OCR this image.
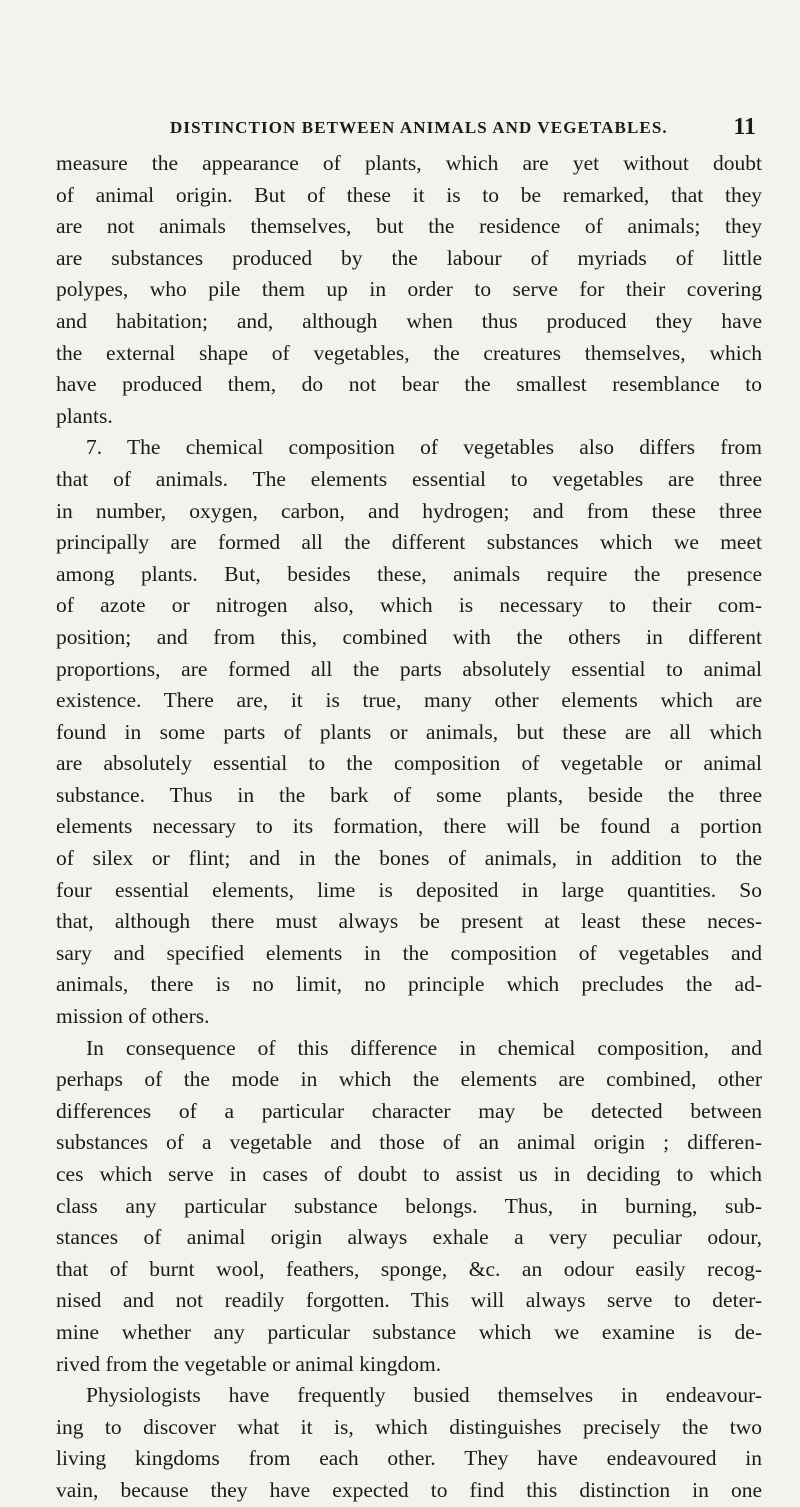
DISTINCTION BETWEEN ANIMALS AND VEGETABLES.	11
measure the appearance of plants, which are yet without doubt
of animal origin. But of these it is to be remarked, that they
are not animals themselves, but the residence of animals; they
are substances produced by the labour of myriads of little
polypes, who pile them up in order to serve for their covering
and habitation; and, although when thus produced they have
the external shape of vegetables, the creatures themselves, which
have produced them, do not bear the smallest resemblance to
plants.
7. The chemical composition of vegetables also differs from
that of animals. The elements essential to vegetables are three
in number, oxygen, carbon, and hydrogen; and from these three
principally are formed all the different substances which we meet
among plants. But, besides these, animals require the presence
of azote or nitrogen also, which is necessary to their com-
position; and from this, combined with the others in different
proportions, are formed all the parts absolutely essential to animal
existence. There are, it is true, many other elements which are
found in some parts of plants or animals, but these are all which
are absolutely essential to the composition of vegetable or animal
substance. Thus in the bark of some plants, beside the three
elements necessary to its formation, there will be found a portion
of silex or flint; and in the bones of animals, in addition to the
four essential elements, lime is deposited in large quantities. So
that, although there must always be present at least these neces-
sary and specified elements in the composition of vegetables and
animals, there is no limit, no principle which precludes the ad-
mission of others.
In consequence of this difference in chemical composition, and
perhaps of the mode in which the elements are combined, other
differences of a particular character may be detected between
substances of a vegetable and those of an animal origin ; differen-
ces which serve in cases of doubt to assist us in deciding to which
class any particular substance belongs. Thus, in burning, sub-
stances of animal origin always exhale a very peculiar odour,
that of burnt wool, feathers, sponge, &c. an odour easily recog-
nised and not readily forgotten. This will always serve to deter-
mine whether any particular substance which we examine is de-
rived from the vegetable or animal kingdom.
Physiologists have frequently busied themselves in endeavour-
ing to discover what it is, which distinguishes precisely the two
living kingdoms from each other. They have endeavoured in
vain, because they have expected to find this distinction in one
